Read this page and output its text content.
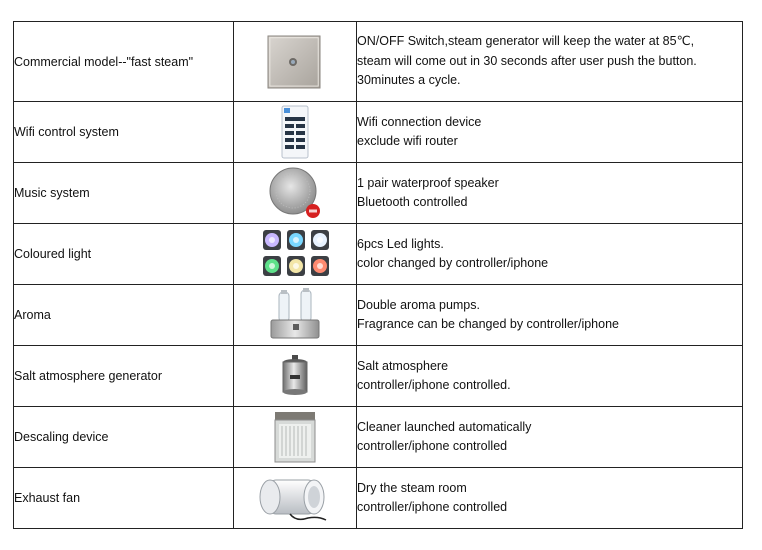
Commercial model--"fast steam"		ON/OFF Switch,steam generator will keep the water at 85℃,
steam will come out in 30 seconds after user push the button.
30minutes a cycle.

Wifi control system		Wifi connection device
exclude wifi router

Music system		1 pair waterproof speaker
Bluetooth controlled

Coloured light		6pcs Led lights.
color changed by controller/iphone

Aroma		Double aroma pumps.
Fragrance can be changed by controller/iphone

Salt atmosphere generator		Salt atmosphere
controller/iphone controlled.

Descaling device		Cleaner launched automatically
controller/iphone controlled

Exhaust fan		Dry the steam room
controller/iphone controlled
